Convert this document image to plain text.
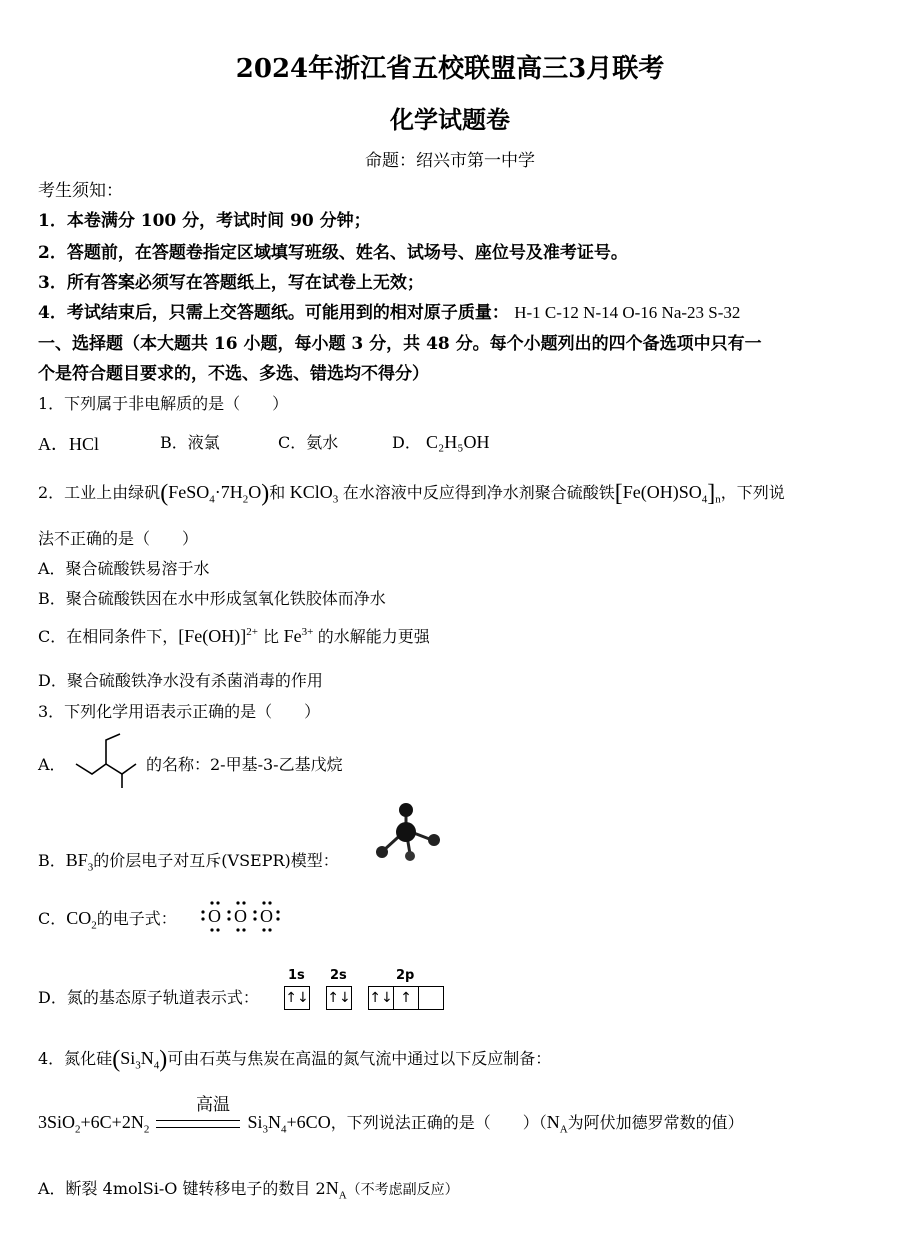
2024年浙江省五校联盟高三3月联考
化学试题卷
命题：绍兴市第一中学
考生须知：
1．本卷满分 100 分，考试时间 90 分钟；
2．答题前，在答题卷指定区域填写班级、姓名、试场号、座位号及准考证号。
3．所有答案必须写在答题纸上，写在试卷上无效；
4．考试结束后，只需上交答题纸。可能用到的相对原子质量： H-1 C-12 N-14 O-16 Na-23 S-32
一、选择题（本大题共 16 小题，每小题 3 分，共 48 分。每个小题列出的四个备选项中只有一
个是符合题目要求的，不选、多选、错选均不得分）
1．下列属于非电解质的是（　　）
A．HCl	B．液氯	C．氨水	D． C₂H₅OH
2．工业上由绿矾$(FeSO_4\cdot 7H_2O)$和 KClO$_3$ 在水溶液中反应得到净水剂聚合硫酸铁$[Fe(OH)SO_4]_n$，下列说
法不正确的是（　　）
A．聚合硫酸铁易溶于水
B．聚合硫酸铁因在水中形成氢氧化铁胶体而净水
C．在相同条件下，$[Fe(OH)]^{2+}$ 比 $Fe^{3+}$ 的水解能力更强
D．聚合硫酸铁净水没有杀菌消毒的作用
3．下列化学用语表示正确的是（　　）
A．	的名称：2-甲基-3-乙基戊烷
B．$BF_3$的价层电子对互斥(VSEPR)模型：
C．$CO_2$的电子式： O O O
D．氮的基态原子轨道表示式：
1s 2s	2p
↑↓ ↑↓ ↑↓ ↑
4．氮化硅$(Si_3N_4)$可由石英与焦炭在高温的氮气流中通过以下反应制备：
高温
$3SiO_2+6C+2N_2$	$Si_3N_4+6CO$，下列说法正确的是（　　）（$N_A$为阿伏加德罗常数的值）
A．断裂 4molSi-O 键转移电子的数目 $2N_A$（不考虑副反应）
